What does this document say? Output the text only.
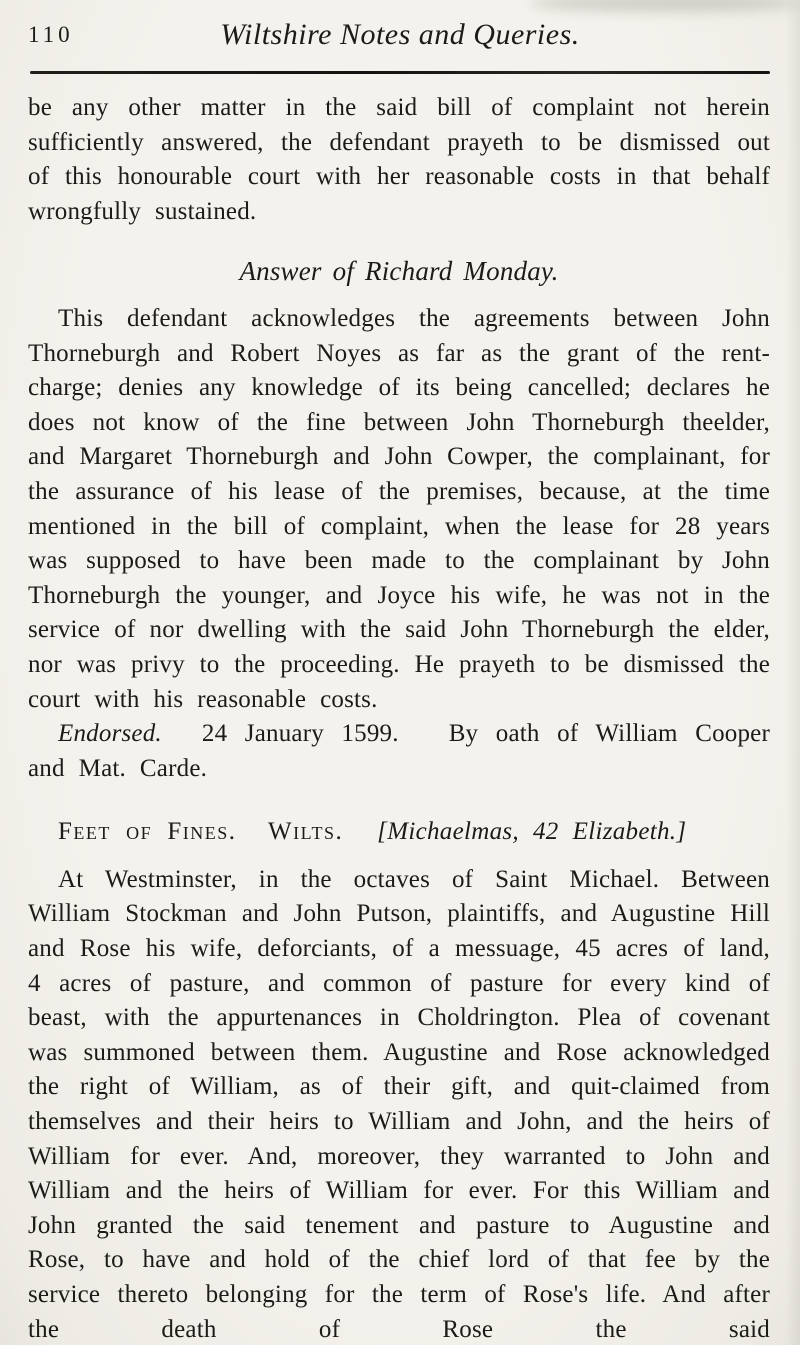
110	Wiltshire Notes and Queries.

be any other matter in the said bill of complaint not herein sufficiently answered, the defendant prayeth to be dismissed out of this honourable court with her reasonable costs in that behalf wrongfully sustained.

Answer of Richard Monday.

This defendant acknowledges the agreements between John Thorneburgh and Robert Noyes as far as the grant of the rent-charge; denies any knowledge of its being cancelled; declares he does not know of the fine between John Thorneburgh theelder, and Margaret Thorneburgh and John Cowper, the complainant, for the assurance of his lease of the premises, because, at the time mentioned in the bill of complaint, when the lease for 28 years was supposed to have been made to the complainant by John Thorneburgh the younger, and Joyce his wife, he was not in the service of nor dwelling with the said John Thorneburgh the elder, nor was privy to the proceeding. He prayeth to be dismissed the court with his reasonable costs.

Endorsed. 24 January 1599. By oath of William Cooper and Mat. Carde.

Feet of Fines. Wilts. [Michaelmas, 42 Elizabeth.]

At Westminster, in the octaves of Saint Michael. Between William Stockman and John Putson, plaintiffs, and Augustine Hill and Rose his wife, deforciants, of a messuage, 45 acres of land, 4 acres of pasture, and common of pasture for every kind of beast, with the appurtenances in Choldrington. Plea of covenant was summoned between them. Augustine and Rose acknowledged the right of William, as of their gift, and quit-claimed from themselves and their heirs to William and John, and the heirs of William for ever. And, moreover, they warranted to John and William and the heirs of William for ever. For this William and John granted the said tenement and pasture to Augustine and Rose, to have and hold of the chief lord of that fee by the service thereto belonging for the term of Rose's life. And after the death of Rose the said
